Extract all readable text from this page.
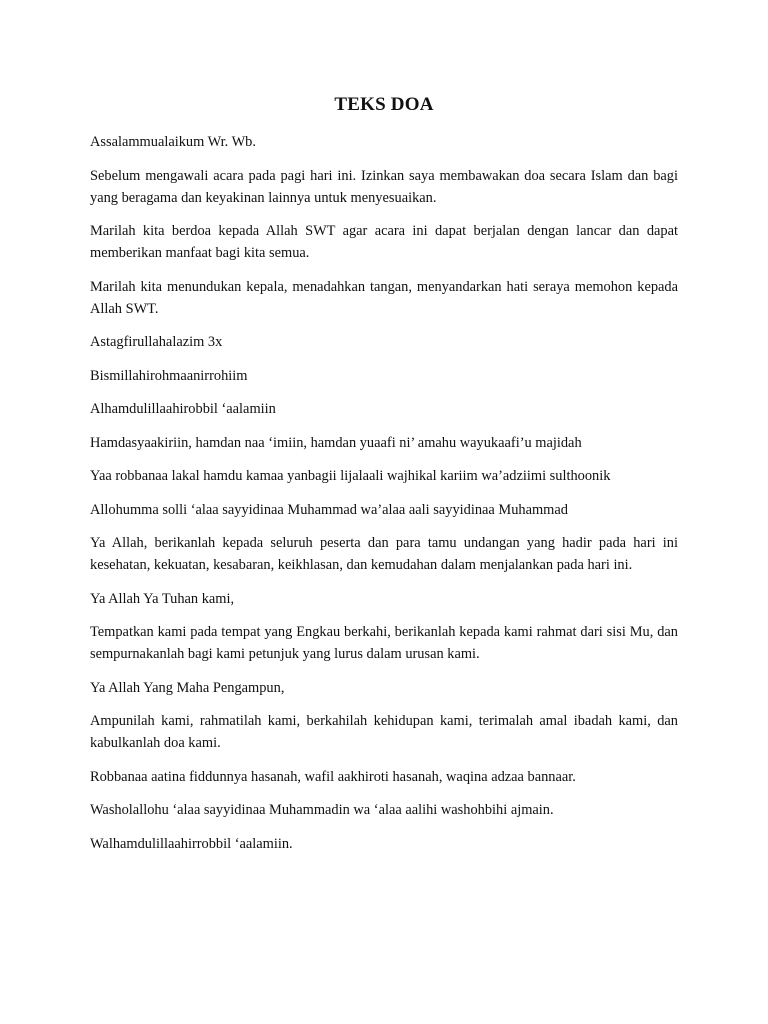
TEKS DOA

Assalammualaikum Wr. Wb.

Sebelum mengawali acara pada pagi hari ini. Izinkan saya membawakan doa secara Islam dan bagi yang beragama dan keyakinan lainnya untuk menyesuaikan.

Marilah kita berdoa kepada Allah SWT agar acara ini dapat berjalan dengan lancar dan dapat memberikan manfaat bagi kita semua.

Marilah kita menundukan kepala, menadahkan tangan, menyandarkan hati seraya memohon kepada Allah SWT.

Astagfirullahalazim 3x

Bismillahirohmaanirrohiim

Alhamdulillaahirobbil ‘aalamiin

Hamdasyaakiriin, hamdan naa ‘imiin, hamdan yuaafi ni’ amahu wayukaafi’u majidah

Yaa robbanaa lakal hamdu kamaa yanbagii lijalaali wajhikal kariim wa’adziimi sulthoonik

Allohumma solli ‘alaa sayyidinaa Muhammad wa’alaa aali sayyidinaa Muhammad

Ya Allah, berikanlah kepada seluruh peserta dan para tamu undangan yang hadir pada hari ini kesehatan, kekuatan, kesabaran, keikhlasan, dan kemudahan dalam menjalankan pada hari ini.

Ya Allah Ya Tuhan kami,

Tempatkan kami pada tempat yang Engkau berkahi, berikanlah kepada kami rahmat dari sisi Mu, dan sempurnakanlah bagi kami petunjuk yang lurus dalam urusan kami.

Ya Allah Yang Maha Pengampun,

Ampunilah kami, rahmatilah kami, berkahilah kehidupan kami, terimalah amal ibadah kami, dan kabulkanlah doa kami.

Robbanaa aatina fiddunnya hasanah, wafil aakhiroti hasanah, waqina adzaa bannaar.

Washolallohu ‘alaa sayyidinaa Muhammadin wa ‘alaa aalihi washohbihi ajmain.

Walhamdulillaahirrobbil ‘aalamiin.
